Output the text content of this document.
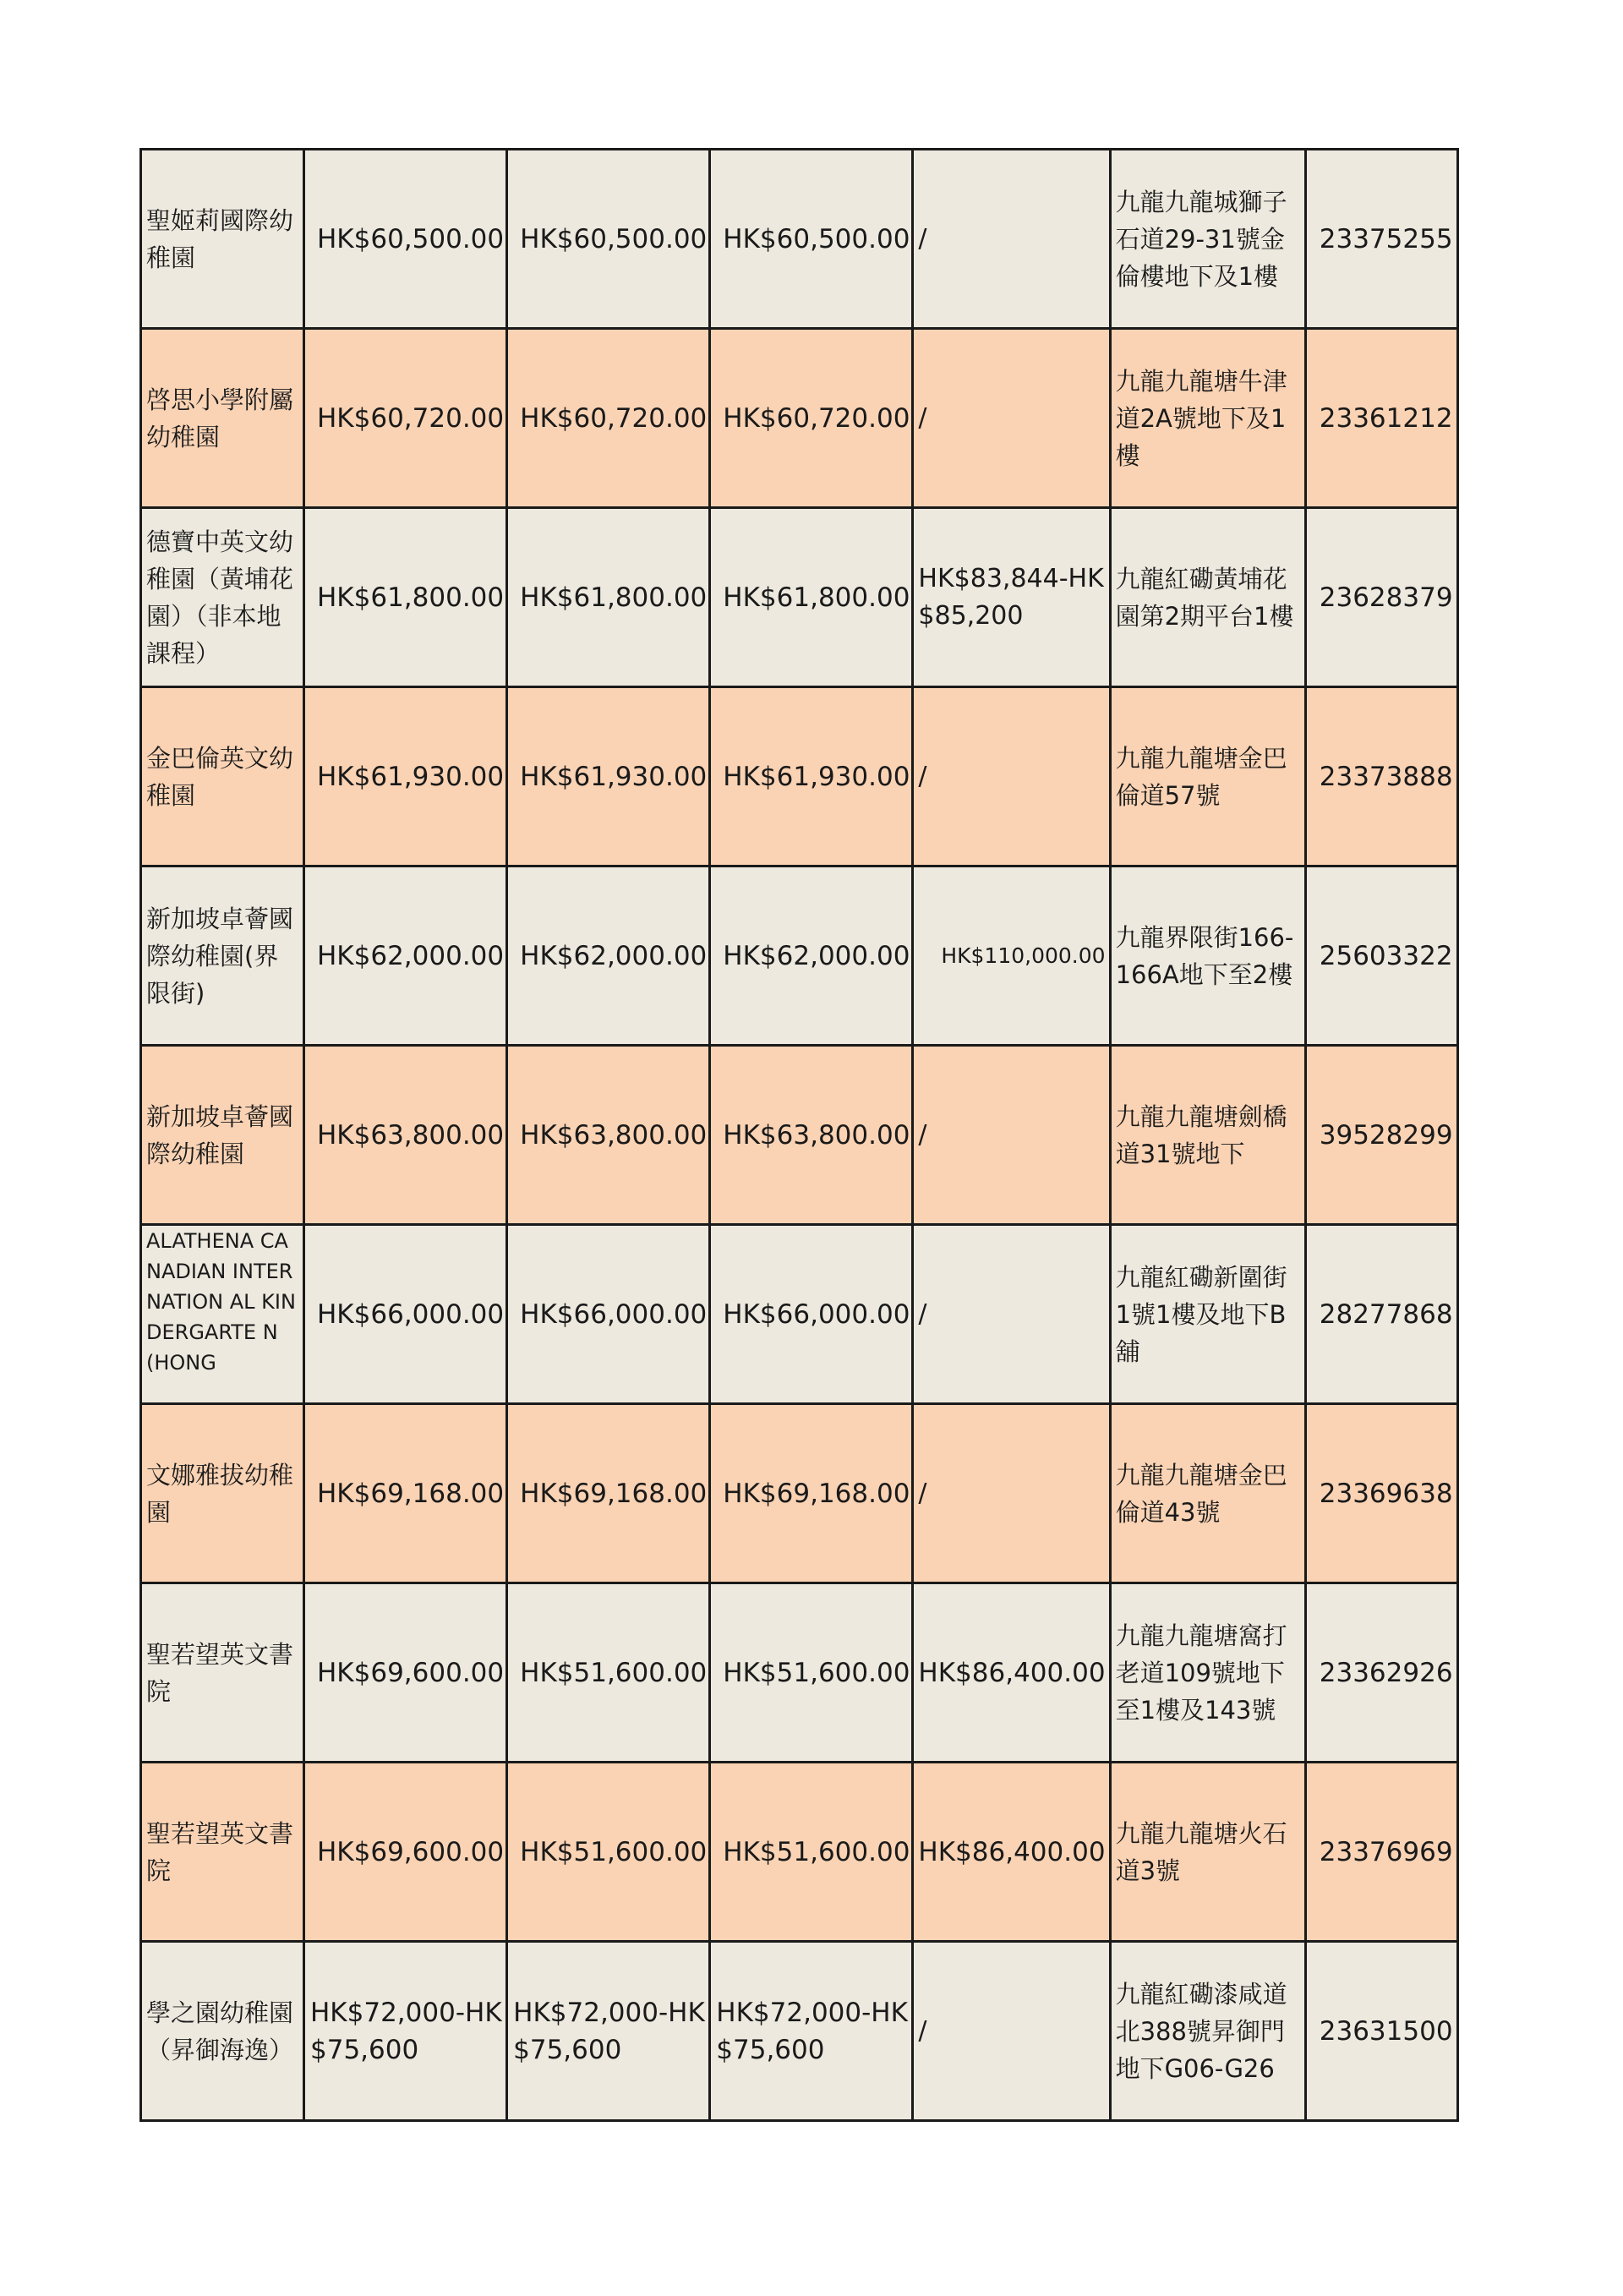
聖姬莉國際幼稚園	HK$60,500.00	HK$60,500.00	HK$60,500.00	/	九龍九龍城獅子石道29-31號金倫樓地下及1樓	23375255
啓思小學附屬幼稚園	HK$60,720.00	HK$60,720.00	HK$60,720.00	/	九龍九龍塘牛津道2A號地下及1樓	23361212
德寶中英文幼稚園（黃埔花園）（非本地課程）	HK$61,800.00	HK$61,800.00	HK$61,800.00	HK$83,844-HK$85,200	九龍紅磡黃埔花園第2期平台1樓	23628379
金巴倫英文幼稚園	HK$61,930.00	HK$61,930.00	HK$61,930.00	/	九龍九龍塘金巴倫道57號	23373888
新加坡卓薈國際幼稚園(界限街)	HK$62,000.00	HK$62,000.00	HK$62,000.00	HK$110,000.00	九龍界限街166-166A地下至2樓	25603322
新加坡卓薈國際幼稚園	HK$63,800.00	HK$63,800.00	HK$63,800.00	/	九龍九龍塘劍橋道31號地下	39528299
ALATHENA CANADIAN INTERNATION AL KINDERGARTE N (HONG	HK$66,000.00	HK$66,000.00	HK$66,000.00	/	九龍紅磡新圍街1號1樓及地下B舖	28277868
文娜雅拔幼稚園	HK$69,168.00	HK$69,168.00	HK$69,168.00	/	九龍九龍塘金巴倫道43號	23369638
聖若望英文書院	HK$69,600.00	HK$51,600.00	HK$51,600.00	HK$86,400.00	九龍九龍塘窩打老道109號地下至1樓及143號	23362926
聖若望英文書院	HK$69,600.00	HK$51,600.00	HK$51,600.00	HK$86,400.00	九龍九龍塘火石道3號	23376969
學之園幼稚園（昇御海逸）	HK$72,000-HK$75,600	HK$72,000-HK$75,600	HK$72,000-HK$75,600	/	九龍紅磡漆咸道北388號昇御門地下G06-G26	23631500
